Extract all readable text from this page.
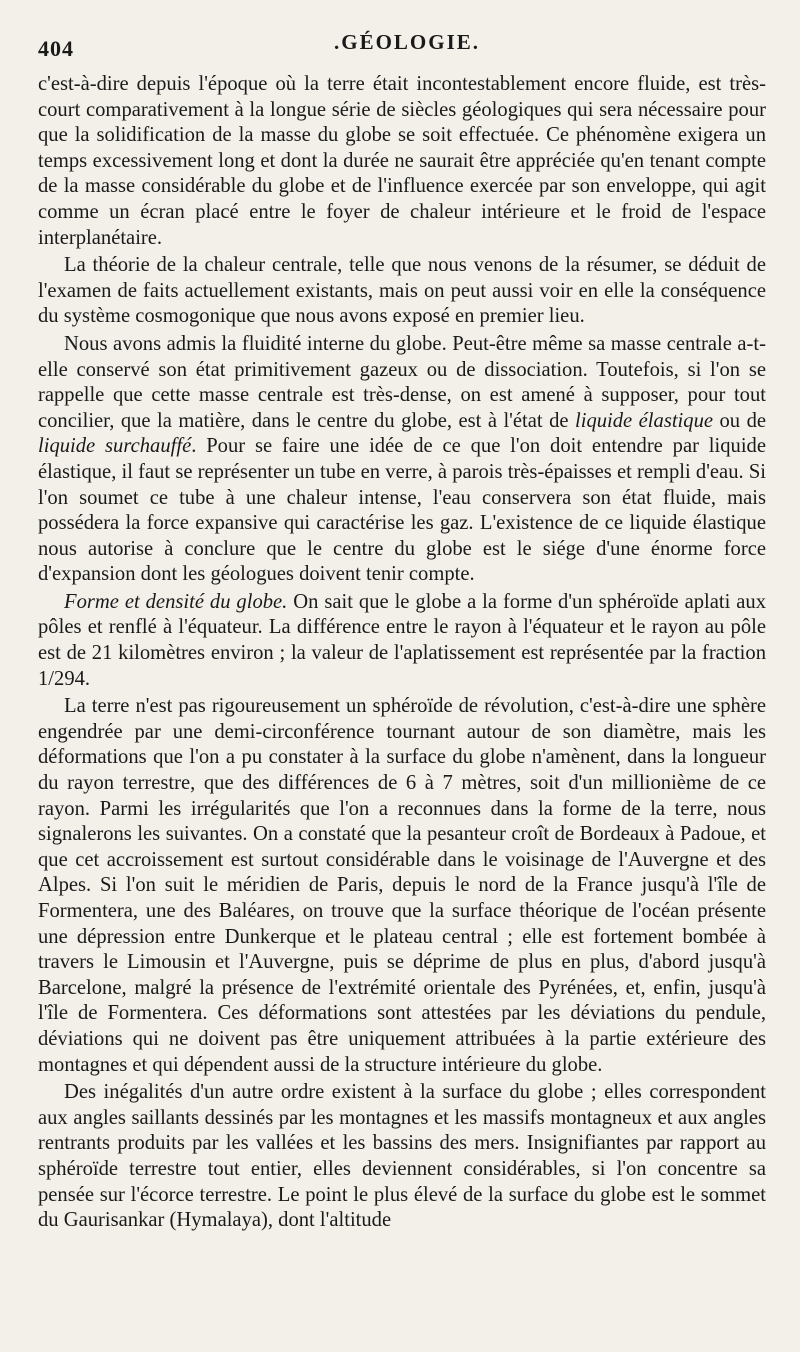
404	.GÉOLOGIE.

c'est-à-dire depuis l'époque où la terre était incontestablement encore fluide, est très-court comparativement à la longue série de siècles géologiques qui sera nécessaire pour que la solidification de la masse du globe se soit effectuée. Ce phénomène exigera un temps excessivement long et dont la durée ne saurait être appréciée qu'en tenant compte de la masse considérable du globe et de l'influence exercée par son enveloppe, qui agit comme un écran placé entre le foyer de chaleur intérieure et le froid de l'espace interplanétaire.

La théorie de la chaleur centrale, telle que nous venons de la résumer, se déduit de l'examen de faits actuellement existants, mais on peut aussi voir en elle la conséquence du système cosmogonique que nous avons exposé en premier lieu.

Nous avons admis la fluidité interne du globe. Peut-être même sa masse centrale a-t-elle conservé son état primitivement gazeux ou de dissociation. Toutefois, si l'on se rappelle que cette masse centrale est très-dense, on est amené à supposer, pour tout concilier, que la matière, dans le centre du globe, est à l'état de liquide élastique ou de liquide surchauffé. Pour se faire une idée de ce que l'on doit entendre par liquide élastique, il faut se représenter un tube en verre, à parois très-épaisses et rempli d'eau. Si l'on soumet ce tube à une chaleur intense, l'eau conservera son état fluide, mais possédera la force expansive qui caractérise les gaz. L'existence de ce liquide élastique nous autorise à conclure que le centre du globe est le siége d'une énorme force d'expansion dont les géologues doivent tenir compte.

Forme et densité du globe. On sait que le globe a la forme d'un sphéroïde aplati aux pôles et renflé à l'équateur. La différence entre le rayon à l'équateur et le rayon au pôle est de 21 kilomètres environ ; la valeur de l'aplatissement est représentée par la fraction 1/294.

La terre n'est pas rigoureusement un sphéroïde de révolution, c'est-à-dire une sphère engendrée par une demi-circonférence tournant autour de son diamètre, mais les déformations que l'on a pu constater à la surface du globe n'amènent, dans la longueur du rayon terrestre, que des différences de 6 à 7 mètres, soit d'un millionième de ce rayon. Parmi les irrégularités que l'on a reconnues dans la forme de la terre, nous signalerons les suivantes. On a constaté que la pesanteur croît de Bordeaux à Padoue, et que cet accroissement est surtout considérable dans le voisinage de l'Auvergne et des Alpes. Si l'on suit le méridien de Paris, depuis le nord de la France jusqu'à l'île de Formentera, une des Baléares, on trouve que la surface théorique de l'océan présente une dépression entre Dunkerque et le plateau central ; elle est fortement bombée à travers le Limousin et l'Auvergne, puis se déprime de plus en plus, d'abord jusqu'à Barcelone, malgré la présence de l'extrémité orientale des Pyrénées, et, enfin, jusqu'à l'île de Formentera. Ces déformations sont attestées par les déviations du pendule, déviations qui ne doivent pas être uniquement attribuées à la partie extérieure des montagnes et qui dépendent aussi de la structure intérieure du globe.

Des inégalités d'un autre ordre existent à la surface du globe ; elles correspondent aux angles saillants dessinés par les montagnes et les massifs montagneux et aux angles rentrants produits par les vallées et les bassins des mers. Insignifiantes par rapport au sphéroïde terrestre tout entier, elles deviennent considérables, si l'on concentre sa pensée sur l'écorce terrestre. Le point le plus élevé de la surface du globe est le sommet du Gaurisankar (Hymalaya), dont l'altitude
